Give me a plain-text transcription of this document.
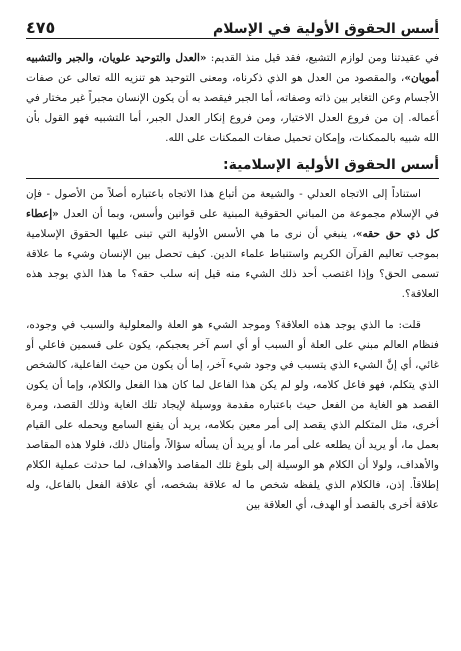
أسس الحقوق الأولية في الإسلام
٤٧٥

في عقيدتنا ومن لوازم التشيع، فقد قيل منذ القديم: «العدل والتوحيد علويان، والجبر والتشبيه أمويان»، والمقصود من العدل هو الذي ذكرناه، ومعنى التوحيد هو تنزيه الله تعالى عن صفات الأجسام وعن التغاير بين ذاته وصفاته، أما الجبر فيقصد به أن يكون الإنسان مجبراً غير مختار في أعماله. إن من فروع العدل الاختيار، ومن فروع إنكار العدل الجبر، أما التشبيه فهو القول بأن الله شبيه بالممكنات، وإمكان تحميل صفات الممكنات على الله.

أسس الحقوق الأولية الإسلامية:

استناداً إلى الاتجاه العدلي - والشيعة من أتباع هذا الاتجاه باعتباره أصلاً من الأصول - فإن في الإسلام مجموعة من المباني الحقوقية المبنية على قوانين وأسس، وبما أن العدل «إعطاء كل ذي حق حقه»، ينبغي أن نرى ما هي الأسس الأولية التي تبنى عليها الحقوق الإسلامية بموجب تعاليم القرآن الكريم واستنباط علماء الدين. كيف تحصل بين الإنسان وشيء ما علاقة تسمى الحق؟ وإذا اغتصب أحد ذلك الشيء منه قيل إنه سلب حقه؟ ما هذا الذي يوجد هذه العلاقة؟.

قلت: ما الذي يوجد هذه العلاقة؟ وموجد الشيء هو العلة والمعلولية والسبب في وجوده، فنظام العالم مبني على العلة أو السبب أو أي اسم آخر يعجبكم، يكون على قسمين فاعلي أو غائي، أي إنَّ الشيء الذي يتسبب في وجود شيء آخر، إما أن يكون من حيث الفاعلية، كالشخص الذي يتكلم، فهو فاعل كلامه، ولو لم يكن هذا الفاعل لما كان هذا الفعل والكلام، وإما أن يكون القصد هو الغاية من الفعل حيث باعتباره مقدمة ووسيلة لإيجاد تلك الغاية وذلك القصد، ومرة أخرى، مثل المتكلم الذي يقصد إلى أمر معين بكلامه، يريد أن يقنع السامع ويحمله على القيام بعمل ما، أو يريد أن يطلعه على أمر ما، أو يريد أن يسأله سؤالاً، وأمثال ذلك، فلولا هذه المقاصد والأهداف، ولولا أن الكلام هو الوسيلة إلى بلوغ تلك المقاصد والأهداف، لما حدثت عملية الكلام إطلاقاً. إذن، فالكلام الذي يلفظه شخص ما له علاقة بشخصه، أي علاقة الفعل بالفاعل، وله علاقة أخرى بالقصد أو الهدف، أي العلاقة بين
